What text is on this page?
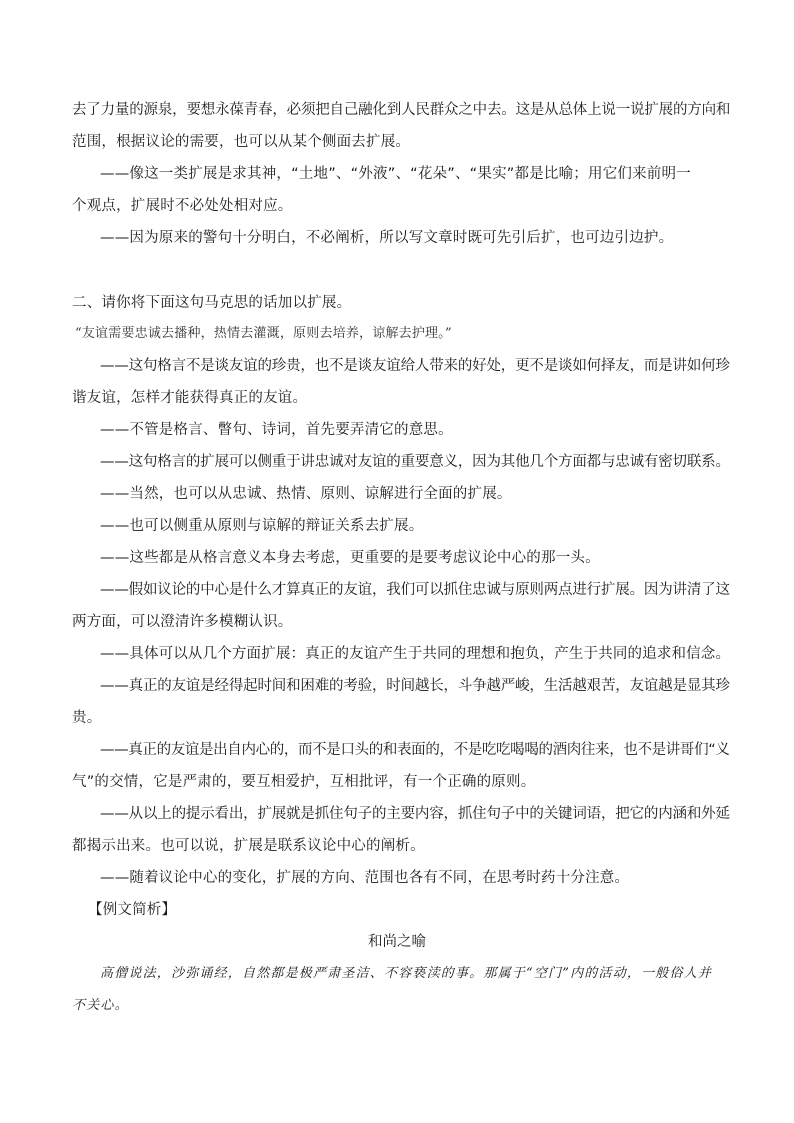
去了力量的源泉，要想永葆青春，必须把自己融化到人民群众之中去。这是从总体上说一说扩展的方向和
范围，根据议论的需要，也可以从某个侧面去扩展。
——像这一类扩展是求其神，“土地”、“外液”、“花朵”、“果实”都是比喻；用它们来前明一
个观点，扩展时不必处处相对应。
——因为原来的警句十分明白，不必阐析，所以写文章时既可先引后扩，也可边引边护。
二、请你将下面这句马克思的话加以扩展。
“友谊需要忠诚去播种，热情去灌溉，原则去培养，谅解去护理。”
——这句格言不是谈友谊的珍贵，也不是谈友谊给人带来的好处，更不是谈如何择友，而是讲如何珍
谐友谊，怎样才能获得真正的友谊。
——不管是格言、瞥句、诗词，首先要弄清它的意思。
——这句格言的扩展可以侧重于讲忠诚对友谊的重要意义，因为其他几个方面都与忠诚有密切联系。
——当然，也可以从忠诚、热情、原则、谅解进行全面的扩展。
——也可以侧重从原则与谅解的辩证关系去扩展。
——这些都是从格言意义本身去考虑，更重要的是要考虑议论中心的那一头。
——假如议论的中心是什么才算真正的友谊，我们可以抓住忠诚与原则两点进行扩展。因为讲清了这
两方面，可以澄清许多模糊认识。
——具体可以从几个方面扩展：真正的友谊产生于共同的理想和抱负，产生于共同的追求和信念。
——真正的友谊是经得起时间和困难的考验，时间越长，斗争越严峻，生活越艰苦，友谊越是显其珍
贵。
——真正的友谊是出自内心的，而不是口头的和表面的，不是吃吃喝喝的酒肉往来，也不是讲哥们“义
气”的交情，它是严肃的，要互相爱护，互相批评，有一个正确的原则。
——从以上的提示看出，扩展就是抓住句子的主要内容，抓住句子中的关键词语，把它的内涵和外延
都揭示出来。也可以说，扩展是联系议论中心的阐析。
——随着议论中心的变化，扩展的方向、范围也各有不同，在思考时药十分注意。
【例文简析】
和尚之喻
高僧说法，沙弥诵经，自然都是极严肃圣洁、不容亵渎的事。那属于“空门”内的活动，一般俗人并
不关心。
